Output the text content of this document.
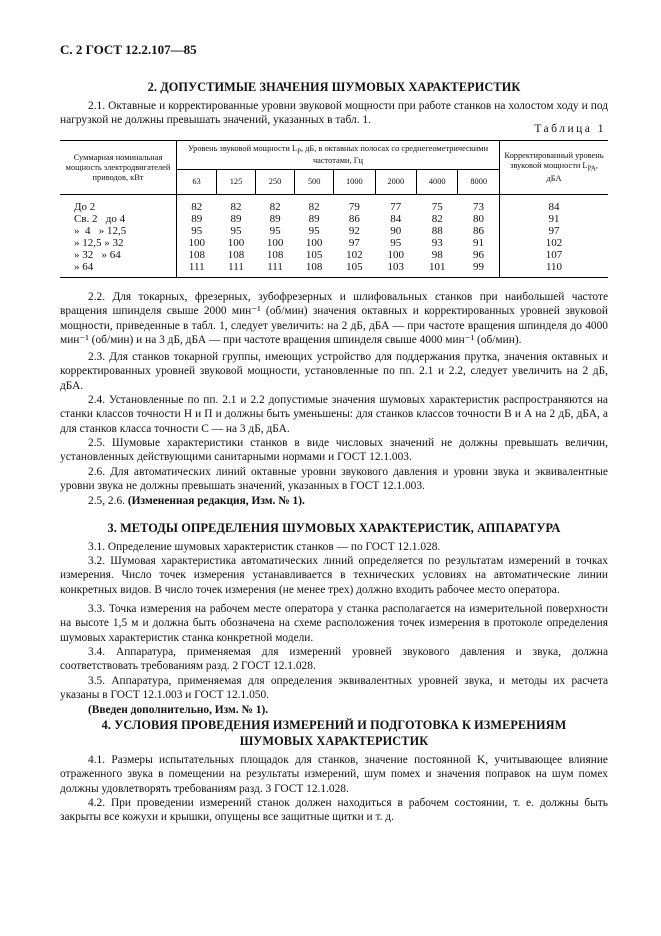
С. 2 ГОСТ 12.2.107—85
2. ДОПУСТИМЫЕ ЗНАЧЕНИЯ ШУМОВЫХ ХАРАКТЕРИСТИК
2.1. Октавные и корректированные уровни звуковой мощности при работе станков на холостом ходу и под нагрузкой не должны превышать значений, указанных в табл. 1.
Таблица 1
Суммарная номинальная мощность электродвигателей приводов, кВт	Уровень звуковой мощности $L_P$, дБ, в октавных полосах со среднегеометрическими частотами, Гц								Корректированный уровень звуковой мощности $L_{PA}$, дБА
	63	125	250	500	1000	2000	4000	8000	
До 2	82	82	82	82	79	77	75	73	84
Св. 2   до 4	89	89	89	89	86	84	82	80	91
»  4   » 12,5	95	95	95	95	92	90	88	86	97
» 12,5 » 32	100	100	100	100	97	95	93	91	102
» 32   » 64	108	108	108	105	102	100	98	96	107
» 64	111	111	111	108	105	103	101	99	110
2.2. Для токарных, фрезерных, зубофрезерных и шлифовальных станков при наибольшей частоте вращения шпинделя свыше 2000 мин⁻¹ (об/мин) значения октавных и корректированных уровней звуковой мощности, приведенные в табл. 1, следует увеличить: на 2 дБ, дБА — при частоте вращения шпинделя до 4000 мин⁻¹ (об/мин) и на 3 дБ, дБА — при частоте вращения шпинделя свыше 4000 мин⁻¹ (об/мин).
2.3. Для станков токарной группы, имеющих устройство для поддержания прутка, значения октавных и корректированных уровней звуковой мощности, установленные по пп. 2.1 и 2.2, следует увеличить на 2 дБ, дБА.
2.4. Установленные по пп. 2.1 и 2.2 допустимые значения шумовых характеристик распространяются на станки классов точности Н и П и должны быть уменьшены: для станков классов точности В и А на 2 дБ, дБА, а для станков класса точности С — на 3 дБ, дБА.
2.5. Шумовые характеристики станков в виде числовых значений не должны превышать величин, установленных действующими санитарными нормами и ГОСТ 12.1.003.
2.6. Для автоматических линий октавные уровни звукового давления и уровни звука и эквивалентные уровни звука не должны превышать значений, указанных в ГОСТ 12.1.003.
2.5, 2.6. (Измененная редакция, Изм. № 1).
3. МЕТОДЫ ОПРЕДЕЛЕНИЯ ШУМОВЫХ ХАРАКТЕРИСТИК, АППАРАТУРА
3.1. Определение шумовых характеристик станков — по ГОСТ 12.1.028.
3.2. Шумовая характеристика автоматических линий определяется по результатам измерений в точках измерения. Число точек измерения устанавливается в технических условиях на автоматические линии конкретных видов. В число точек измерения (не менее трех) должно входить рабочее место оператора.
3.3. Точка измерения на рабочем месте оператора у станка располагается на измерительной поверхности на высоте 1,5 м и должна быть обозначена на схеме расположения точек измерения в протоколе определения шумовых характеристик станка конкретной модели.
3.4. Аппаратура, применяемая для измерений уровней звукового давления и звука, должна соответствовать требованиям разд. 2 ГОСТ 12.1.028.
3.5. Аппаратура, применяемая для определения эквивалентных уровней звука, и методы их расчета указаны в ГОСТ 12.1.003 и ГОСТ 12.1.050.
(Введен дополнительно, Изм. № 1).
4. УСЛОВИЯ ПРОВЕДЕНИЯ ИЗМЕРЕНИЙ И ПОДГОТОВКА К ИЗМЕРЕНИЯМ
ШУМОВЫХ ХАРАКТЕРИСТИК
4.1. Размеры испытательных площадок для станков, значение постоянной K, учитывающее влияние отраженного звука в помещении на результаты измерений, шум помех и значения поправок на шум помех должны удовлетворять требованиям разд. 3 ГОСТ 12.1.028.
4.2. При проведении измерений станок должен находиться в рабочем состоянии, т. е. должны быть закрыты все кожухи и крышки, опущены все защитные щитки и т. д.
